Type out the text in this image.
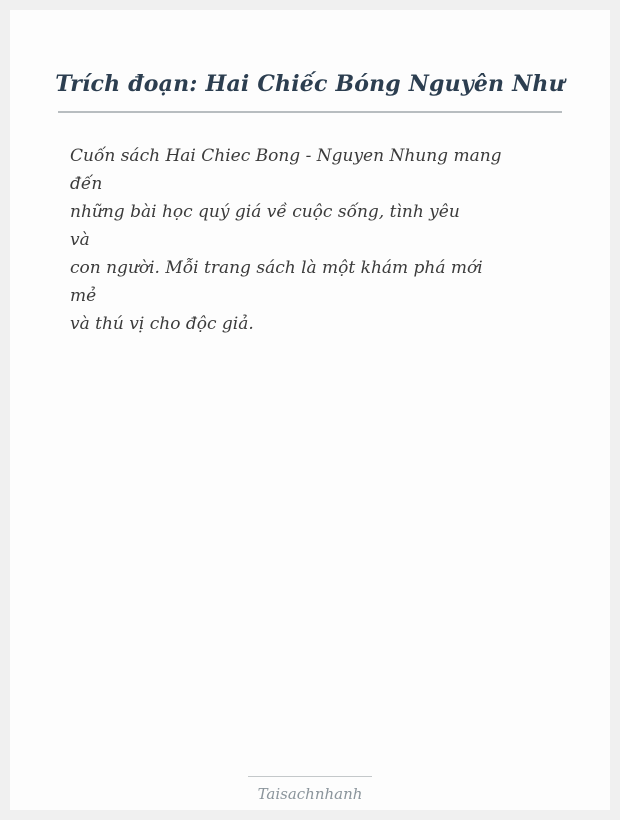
Trích đoạn: Hai Chiếc Bóng Nguyên Như
Cuốn sách Hai Chiec Bong - Nguyen Nhung mang
đến
những bài học quý giá về cuộc sống, tình yêu
và
con người. Mỗi trang sách là một khám phá mới
mẻ
và thú vị cho độc giả.
Taisachnhanh
